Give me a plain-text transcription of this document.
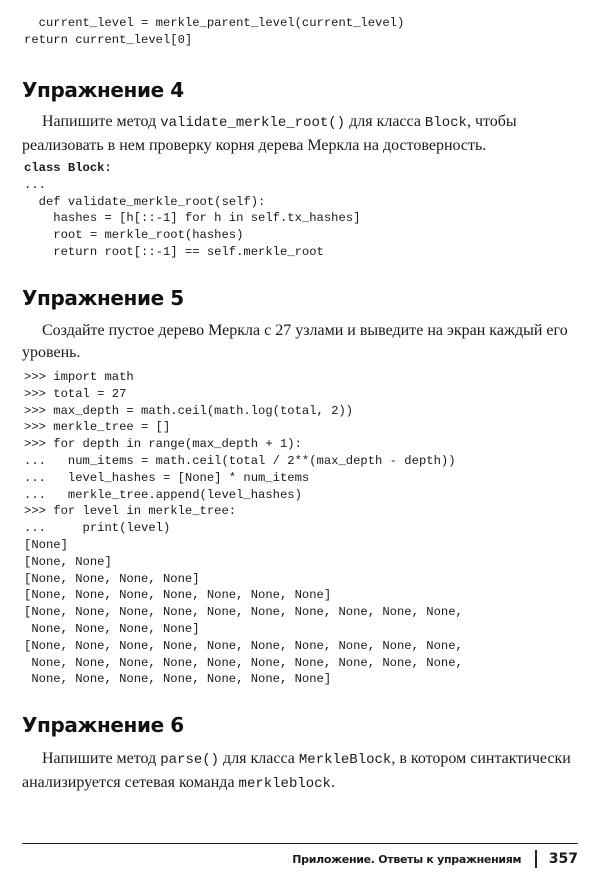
current_level = merkle_parent_level(current_level)
return current_level[0]
Упражнение 4

Напишите метод validate_merkle_root() для класса Block, чтобы реализовать в нем проверку корня дерева Меркла на достоверность.

class Block:
...
def validate_merkle_root(self):
hashes = [h[::-1] for h in self.tx_hashes]
root = merkle_root(hashes)
return root[::-1] == self.merkle_root
Упражнение 5

Создайте пустое дерево Меркла с 27 узлами и выведите на экран каждый его уровень.

>>> import math
>>> total = 27
>>> max_depth = math.ceil(math.log(total, 2))
>>> merkle_tree = []
>>> for depth in range(max_depth + 1):
...   num_items = math.ceil(total / 2**(max_depth - depth))
...   level_hashes = [None] * num_items
...   merkle_tree.append(level_hashes)
>>> for level in merkle_tree:
...     print(level)
[None]
[None, None]
[None, None, None, None]
[None, None, None, None, None, None, None]
[None, None, None, None, None, None, None, None, None, None,
None, None, None, None]
[None, None, None, None, None, None, None, None, None, None,
None, None, None, None, None, None, None, None, None, None,
None, None, None, None, None, None, None]
Упражнение 6

Напишите метод parse() для класса MerkleBlock, в котором синтактически анализируется сетевая команда merkleblock.

Приложение. Ответы к упражнениям 357
